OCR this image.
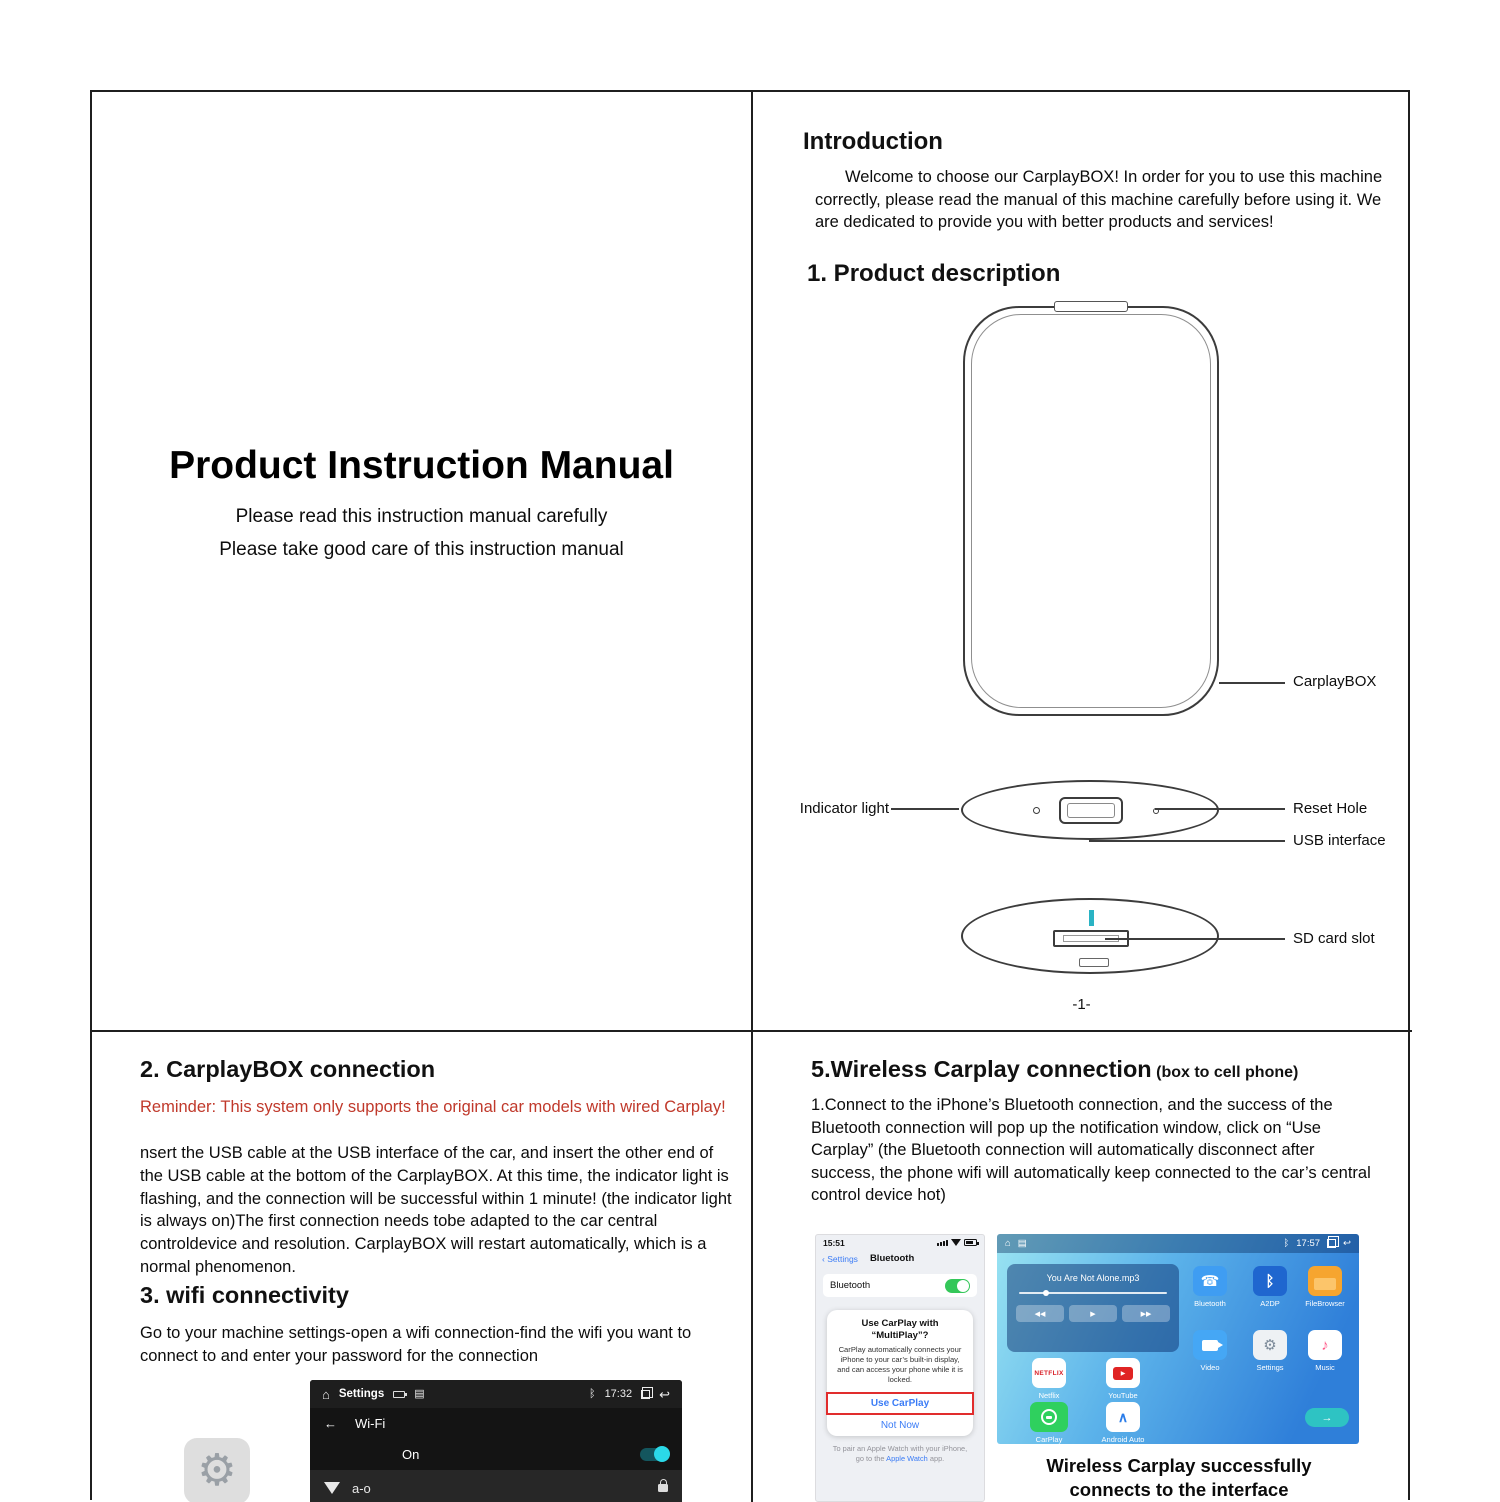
Product Instruction Manual

Please read this instruction manual carefully

Please take good care of this instruction manual

Introduction

Welcome to choose our CarplayBOX! In order for you to use this machine correctly, please read the manual of this machine carefully before using it. We are dedicated to provide you with better products and services!

1. Product description
CarplayBOX
Indicator light	Reset Hole
USB interface
SD card slot
-1-
2. CarplayBOX connection

Reminder: This system only supports the original car models with wired Carplay!

nsert the USB cable at the USB interface of the car, and insert the other end of the USB cable at the bottom of the CarplayBOX. At this time, the indicator light is flashing, and the connection will be successful within 1 minute! (the indicator light is always on)The first connection needs tobe adapted to the car central controldevice and resolution. CarplayBOX will restart automatically, which is a normal phenomenon.

3. wifi connectivity

Go to your machine settings-open a wifi connection-find the wifi you want to connect to and enter your password for the connection

⚙
⌂ Settings	▤	ᛒ 17:32 ↩
← Wi-Fi
On
a-o
5.Wireless Carplay connection (box to cell phone)

1.Connect to the iPhone’s Bluetooth connection, and the success of the Bluetooth connection will pop up the notification window, click on “Use Carplay” (the Bluetooth connection will automatically disconnect after success, the phone wifi will automatically keep connected to the car’s central control device hot)

15:51
‹ Settings Bluetooth
Bluetooth
Use CarPlay with “MultiPlay”?
CarPlay automatically connects your iPhone to your car’s built-in display, and can access your phone while it is locked.
Use CarPlay
Not Now

To pair an Apple Watch with your iPhone, go to the Apple Watch app.

⌂ ▤	ᛒ 17:57 ↩
You Are Not Alone.mp3
◀◀	▶	▶▶
☎
Bluetooth
ᛒ
A2DP	FileBrowser
Video
⚙
Settings
♪
Music
NETFLIX
Netflix
▶
YouTube
CarPlay
∧
Android Auto
→

Wireless Carplay successfully connects to the interface
